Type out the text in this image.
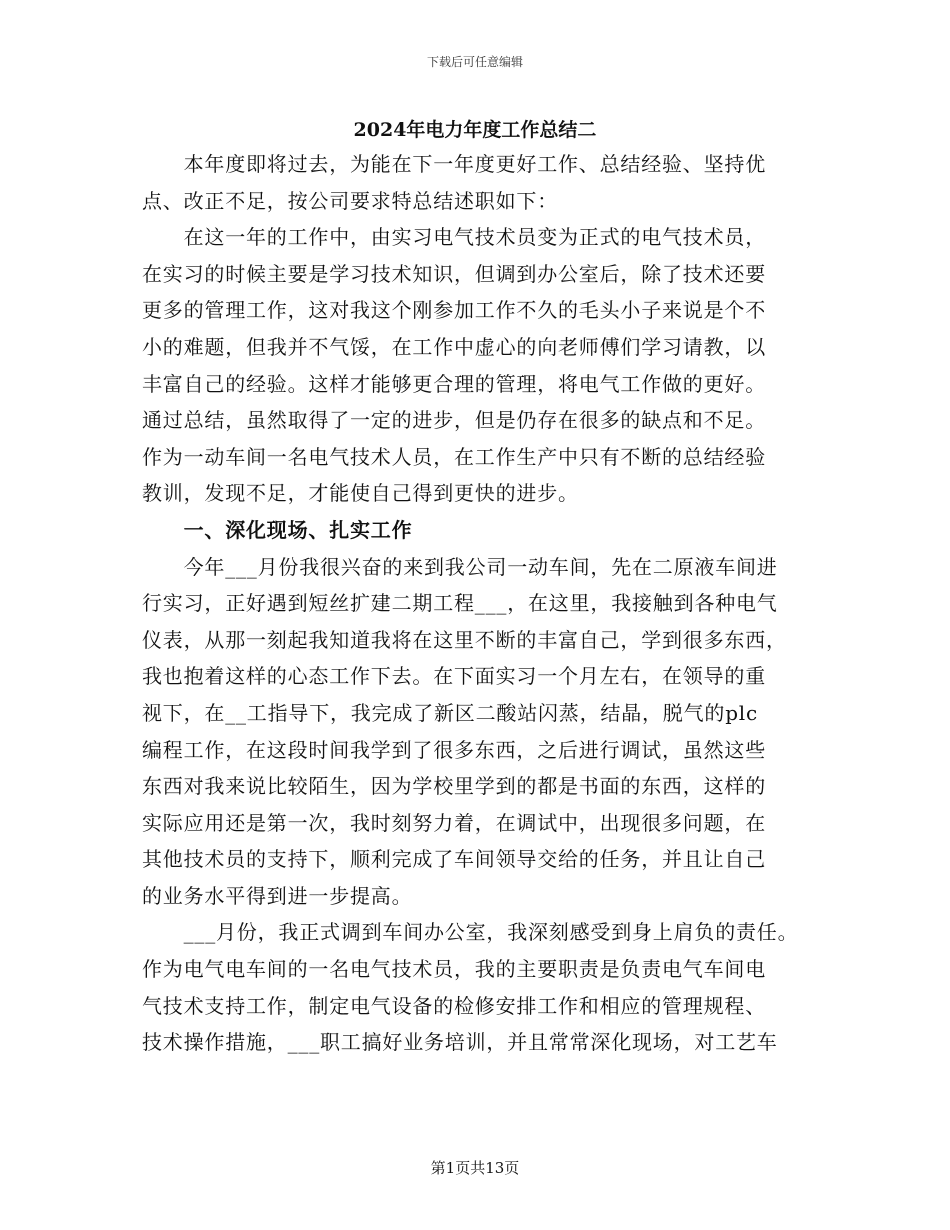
下载后可任意编辑
2024年电力年度工作总结二
　　本年度即将过去，为能在下一年度更好工作、总结经验、坚持优
点、改正不足，按公司要求特总结述职如下：
　　在这一年的工作中，由实习电气技术员变为正式的电气技术员，
在实习的时候主要是学习技术知识，但调到办公室后，除了技术还要
更多的管理工作，这对我这个刚参加工作不久的毛头小子来说是个不
小的难题，但我并不气馁，在工作中虚心的向老师傅们学习请教，以
丰富自己的经验。这样才能够更合理的管理，将电气工作做的更好。
通过总结，虽然取得了一定的进步，但是仍存在很多的缺点和不足。
作为一动车间一名电气技术人员，在工作生产中只有不断的总结经验
教训，发现不足，才能使自己得到更快的进步。
　　一、深化现场、扎实工作
　　今年___月份我很兴奋的来到我公司一动车间，先在二原液车间进
行实习，正好遇到短丝扩建二期工程___，在这里，我接触到各种电气
仪表，从那一刻起我知道我将在这里不断的丰富自己，学到很多东西，
我也抱着这样的心态工作下去。在下面实习一个月左右，在领导的重
视下，在__工指导下，我完成了新区二酸站闪蒸，结晶，脱气的plc
编程工作，在这段时间我学到了很多东西，之后进行调试，虽然这些
东西对我来说比较陌生，因为学校里学到的都是书面的东西，这样的
实际应用还是第一次，我时刻努力着，在调试中，出现很多问题，在
其他技术员的支持下，顺利完成了车间领导交给的任务，并且让自己
的业务水平得到进一步提高。
　　___月份，我正式调到车间办公室，我深刻感受到身上肩负的责任。
作为电气电车间的一名电气技术员，我的主要职责是负责电气车间电
气技术支持工作，制定电气设备的检修安排工作和相应的管理规程、
技术操作措施，___职工搞好业务培训，并且常常深化现场，对工艺车
第1页共13页
